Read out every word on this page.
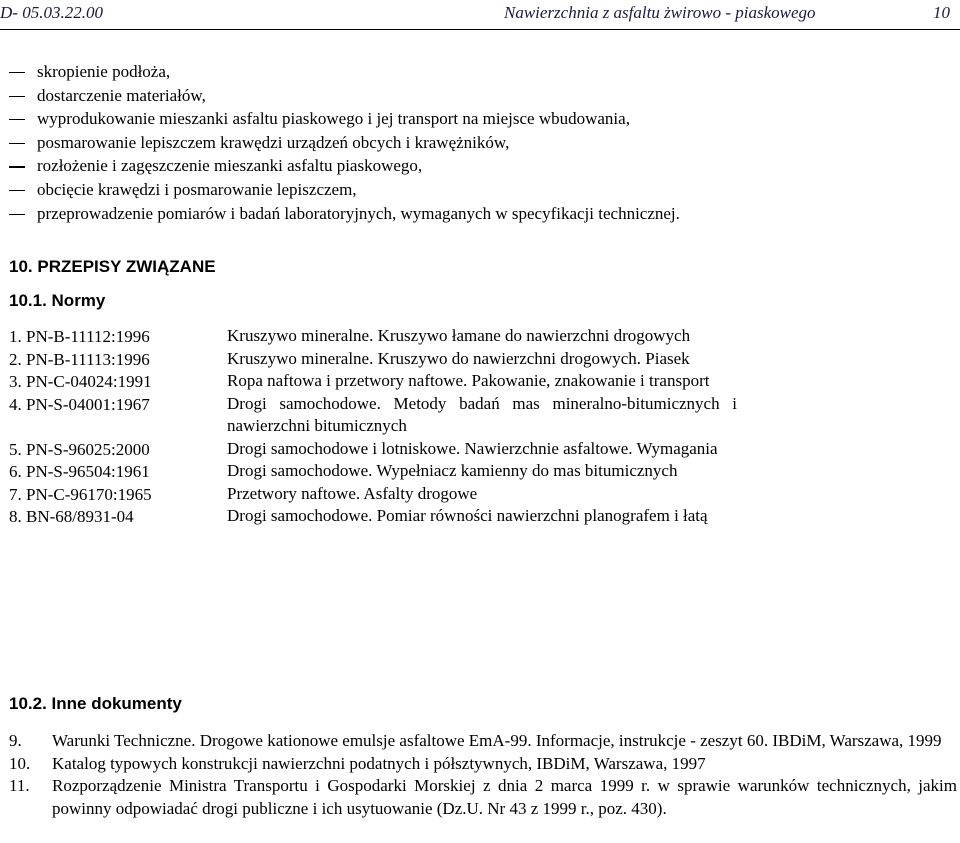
D- 05.03.22.00	Nawierzchnia z asfaltu żwirowo - piaskowego	10
skropienie podłoża,
dostarczenie materiałów,
wyprodukowanie mieszanki asfaltu piaskowego i jej transport na miejsce wbudowania,
posmarowanie lepiszczem krawędzi urządzeń obcych i krawężników,
rozłożenie i zagęszczenie mieszanki asfaltu piaskowego,
obcięcie krawędzi i posmarowanie lepiszczem,
przeprowadzenie pomiarów i badań laboratoryjnych, wymaganych w specyfikacji technicznej.
10. PRZEPISY ZWIĄZANE
10.1. Normy
1. PN-B-11112:1996	Kruszywo mineralne. Kruszywo łamane do nawierzchni drogowych
2. PN-B-11113:1996	Kruszywo mineralne. Kruszywo do nawierzchni drogowych. Piasek
3. PN-C-04024:1991	Ropa naftowa i przetwory naftowe. Pakowanie, znakowanie i transport
4. PN-S-04001:1967	Drogi samochodowe. Metody badań mas mineralno-bitumicznych i nawierzchni bitumicznych
5. PN-S-96025:2000	Drogi samochodowe i lotniskowe. Nawierzchnie asfaltowe. Wymagania
6. PN-S-96504:1961	Drogi samochodowe. Wypełniacz kamienny do mas bitumicznych
7. PN-C-96170:1965	Przetwory naftowe. Asfalty drogowe
8. BN-68/8931-04	Drogi samochodowe. Pomiar równości nawierzchni planografem i łatą
10.2. Inne dokumenty
9. Warunki Techniczne. Drogowe kationowe emulsje asfaltowe EmA-99. Informacje, instrukcje - zeszyt 60. IBDiM, Warszawa, 1999
10. Katalog typowych konstrukcji nawierzchni podatnych i półsztywnych, IBDiM, Warszawa, 1997
11. Rozporządzenie Ministra Transportu i Gospodarki Morskiej z dnia 2 marca 1999 r. w sprawie warunków technicznych, jakim powinny odpowiadać drogi publiczne i ich usytuowanie (Dz.U. Nr 43 z 1999 r., poz. 430).
